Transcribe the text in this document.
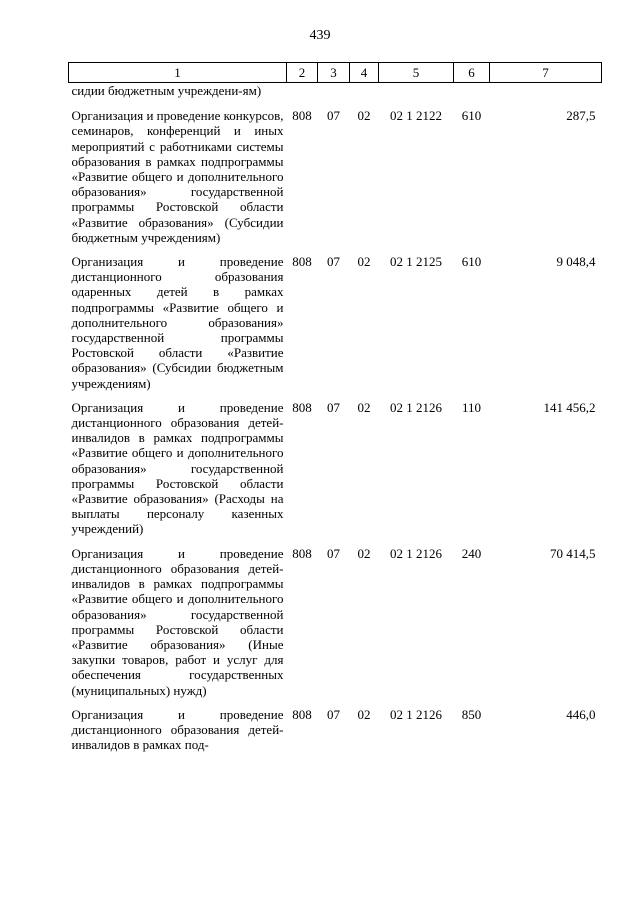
439
1	2	3	4	5	6	7
сидии бюджетным учреждени-ям)						
Организация и проведение конкурсов, семинаров, конференций и иных мероприятий с работниками системы образования в рамках подпрограммы «Развитие общего и дополнительного образования» государственной программы Ростовской области «Развитие образования» (Субсидии бюджетным учреждениям)	808	07	02	02 1 2122	610	287,5
Организация и проведение дистанционного образования одаренных детей в рамках подпрограммы «Развитие общего и дополнительного образования» государственной программы Ростовской области «Развитие образования» (Субсидии бюджетным учреждениям)	808	07	02	02 1 2125	610	9 048,4
Организация и проведение дистанционного образования детей-инвалидов в рамках подпрограммы «Развитие общего и дополнительного образования» государственной программы Ростовской области «Развитие образования» (Расходы на выплаты персоналу казенных учреждений)	808	07	02	02 1 2126	110	141 456,2
Организация и проведение дистанционного образования детей-инвалидов в рамках подпрограммы «Развитие общего и дополнительного образования» государственной программы Ростовской области «Развитие образования» (Иные закупки товаров, работ и услуг для обеспечения государственных (муниципальных) нужд)	808	07	02	02 1 2126	240	70 414,5
Организация и проведение дистанционного образования детей-инвалидов в рамках под-	808	07	02	02 1 2126	850	446,0
